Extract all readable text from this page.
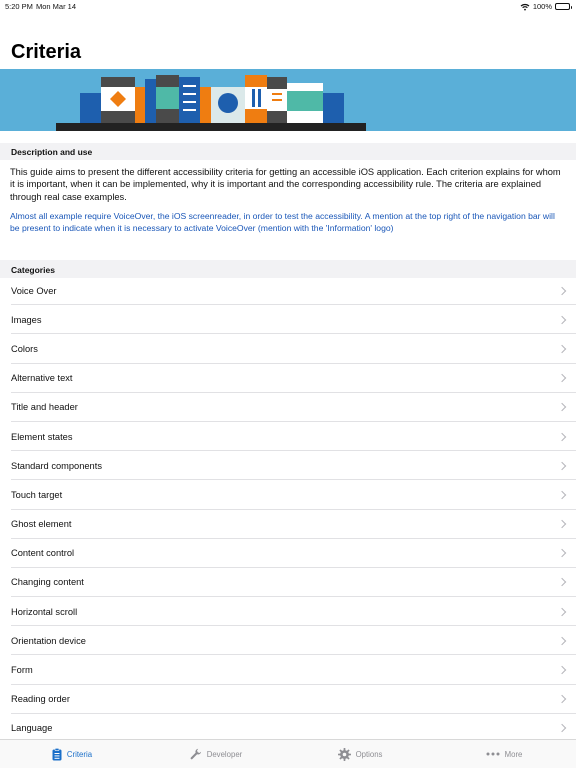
5:20 PM Mon Mar 14	100%
Criteria
Description and use

This guide aims to present the different accessibility criteria for getting an accessible iOS application. Each criterion explains for whom it is important, when it can be implemented, why it is important and the corresponding accessibility rule. The criteria are explained through real case examples.

Almost all example require VoiceOver, the iOS screenreader, in order to test the accessibility. A mention at the top right of the navigation bar will be present to indicate when it is necessary to activate VoiceOver (mention with the 'Information' logo)

Categories
Voice Over
Images
Colors
Alternative text
Title and header
Element states
Standard components
Touch target
Ghost element
Content control
Changing content
Horizontal scroll
Orientation device
Form
Reading order
Language
Criteria	Developer	Options	More
